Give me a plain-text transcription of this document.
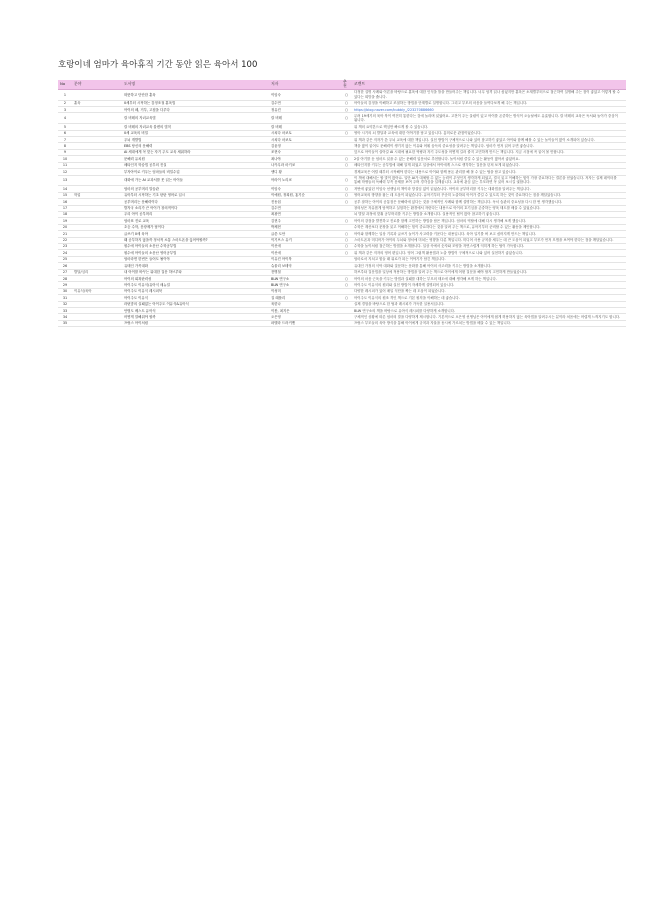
호랑이네 엄마가 육아휴직 기간 동안 읽은 육아서 100
No	분야	도서명	저자	추천	코멘트
1		따뜻하고 단단한 훈육	이임숙	○	다정한 설명 사례와 이론을 바탕으로 훈육에 대한 인식을 틀을 만들어주는 책입니다. 너무 엄격 읽나 싶었지만 훈육은 소재별부터으로 접근하여 설명해 주는 점이 좋았고 이렇게 할 수 있다는 희망을 줍니다.
2	훈육	0세부터 시작하는 감정조절 훈육법	김수연	○	아이들의 감정을 이해하고 조절하는 방법을 단계별로 설명합니다. 그리고 부모의 마음을 들여다보게 해 주는 책입니다.
3		아이의 떼, 거부, 고집을 다루다	정유진	○	https://blog.naver.com/bubbly_/223270886660
4		칼 비테의 자녀교육법	칼 비테	○	무려 19세기의 육아 북이 여전히 통한다는 것에 놀라며 읽었어요. 고전이 주는 울림이 있고 아이를 존중하는 방식이 오늘날에도 유효합니다. 칼 비테의 교육은 독서와 놀이가 중심이 됩니다.
5		칼 비테의 자녀교육 불변의 법칙	칼 비테		위 책의 요약본으로 핵심만 빠르게 볼 수 있습니다.
6		0세 교육의 비밀	시치다 마코토	○	영아 시기의 뇌 발달과 교육에 대한 이야기를 담고 있습니다. 흥미로운 관점이었습니다.
7		우뇌 개발법	시치다 마코토		위 책과 같은 저자가 쓴 우뇌 교육에 대한 책입니다. 실천 방법이 구체적으로 나와 있어 참고하기 좋았고 아이와 함께 해볼 수 있는 놀이들이 많이 소개되어 있습니다.
8		EBS 당신의 문해력	김윤정		책을 많이 읽어도 문해력이 생기지 않는 이유와 어휘 습득의 중요성을 알려주는 책입니다. 엄마가 먼저 읽어 두면 좋습니다.
9		AI 세대에게 꼭 맞는 자기 주도 교육 세워하라	조현숙		앞으로 아이들이 살아갈 AI 시대에 필요한 역량과 자기 주도성을 어떻게 길러 줄지 고민하게 만드는 책입니다. 지금 시점에 꼭 읽어 볼 만합니다.
10		문해력 유치원	최나야	○	2살 아기를 둔 엄마도 읽을 수 있는 문해력 입문서로 추천합니다. 놀이처럼 즐길 수 있는 활동이 많아서 좋았어요.
11		메타인지 학습법 공부의 진실	나카무라 마키코	○	메타인지를 키우는 공부법에 대해 알게 되었고 일상에서 아이에게 스스로 생각하는 질문을 던져 보게 되었습니다.
12		부자아이로 키우는 엄마들의 비밀수업	앤디 황		경제교육은 어릴 때부터 시작해야 한다는 내용으로 아이와 함께 용돈 관리를 해 볼 수 있는 팁을 담고 있습니다.
13		대화에 가는 AI 교과서를 못 읽는 아이들	아라이 노리코	○	이 책에 대해서는 할 말이 많아요. 일단 AI가 대체할 수 없는 능력이 무엇인지 생각하게 되었고, 결국 읽고 이해하는 힘이 가장 중요하다는 결론을 얻었습니다. 저자는 실제 데이터를 통해 학생들의 독해력 부족 문제를 보여 주며 경각심을 일깨웁니다. 교육에 관심 있는 부모라면 꼭 읽어 보시길 권합니다.
14		엄마의 공부머리 말습관	이임숙	○	저번에 좋았던 이임숙 선생님의 책이라 망설임 없이 읽었습니다. 아이의 공부머리를 키우는 대화법을 알려주는 책입니다.
15	학업	유아부터 시작하는 기초 탄탄 영어로 입시	이예원, 정희원, 홍기순	○	영어교육의 방향을 잡는 데 도움이 되었습니다. 유아기부터 꾸준히 노출하되 아이가 즐길 수 있도록 하는 것이 중요하다는 점을 깨달았습니다.
16		공부머리는 문해력이다	진동섭	○	공부 잘하는 아이의 공통점은 문해력에 있다는 것을 구체적인 사례와 함께 설명하는 책입니다. 독서 습관의 중요성을 다시 한 번 생각했습니다.
17		발자국 소리가 큰 아이가 창의적이다	김수연		창의성은 자유롭게 탐색하고 실험하는 환경에서 자란다는 내용으로 아이의 호기심을 존중하는 양육 태도를 배울 수 있었습니다.
18		우리 아이 공부머리	최광연		뇌 발달 과정에 맞춰 공부머리를 키우는 방법을 소개합니다. 실용적인 팁이 많아 참고하기 좋습니다.
19		엄마표 진로 교육	김현주	○	아이의 강점을 발견하고 진로를 함께 고민하는 방법을 담은 책입니다. 엄마의 역할에 대해 다시 생각해 보게 했습니다.
20		초등 수학, 문장제가 답이다	박제현		수학은 계산보다 문장을 읽고 이해하는 힘이 중요하다는 것을 알려 주는 책으로, 유아기부터 준비할 수 있는 활동을 제안합니다.
21		글쓰기 0세 육아	글쓴 도안	○	아이와 함께하는 일상 기록과 글쓰기 놀이가 사고력을 키운다는 내용입니다. 육아 일기를 써 보고 싶어지게 만드는 책입니다.
22		왜 공부하지 않을까 정서적 소통 스마트폰을 끊어야할까?	이기브스 유키	○	스마트폰과 미디어가 아이의 두뇌와 정서에 미치는 영향을 다룬 책입니다. 미디어 사용 규칙을 세우는 데 큰 도움이 되었고 부모가 먼저 모범을 보여야 한다는 점을 깨달았습니다.
23		원수에 아이들의 소문난 수학공부법	이신애	○	수학을 놀이처럼 접근하는 방법을 소개합니다. 일상 속에서 숫자와 모양을 자연스럽게 익히게 하는 팁이 가득합니다.
24		원수에 아이들의 소문난 영어공부법	이신애	○	위 책과 같은 저자의 영어 편입니다. 영어 그림책 활용법과 노출 방법이 구체적으로 나와 있어 실천하기 좋았습니다.
25		엄마라면 한번은 들어도 될이야	이유진 아이북		엄마로서 지치고 힘들 때 위로가 되는 이야기가 담긴 책입니다.
26		유태인 가족대화	슈물리 보테악		유대인 가정의 식탁 대화와 질문하는 문화를 통해 아이의 사고력을 키우는 방법을 소개합니다.
27	발달/심리	내 아이를 바꾸는 위대한 질문 하브루타	전병철		하브루타 질문법을 일상에 적용하는 방법을 알려 주는 책으로 아이에게 어떤 질문을 해야 할지 고민하게 만들었습니다.
28		아이의 회복탄력성	BLW 연구소	○	아이의 마음 근육을 키우는 방법과 실패를 대하는 부모의 태도에 대해 생각해 보게 하는 책입니다.
29		아이주도 이유식/유아식 매뉴얼	BLW 연구소	○	아이주도 이유식의 원리와 실천 방법이 자세하게 설명되어 있습니다.
30	이유식/육아	아이주도 이유식 레시피북	이성미		다양한 레시피가 있어 매일 식단을 짜는 데 도움이 되었습니다.
31		아이주도 이유식	질 래플리	○	아이주도 이유식의 원조 격인 책으로 기본 원칙을 이해하는 데 좋습니다.
32		라틴맘의 실패없는 아이주도 이유식&유아식	육한나		실제 경험을 바탕으로 한 팁과 레시피가 가득한 실용서입니다.
33		안범도 베스트 유아식	이봉, 최지은		BLW 연구소의 책을 바탕으로 유아식 레시피를 다양하게 소개합니다.
34		어떻게 말해줘야 할까	오은영		구체적인 상황에 따른 엄마의 말을 다양하게 제시합니다. 기본적으로 오은영 선생님은 아이에게 쉽게 허용하지 않는 육아법을 알려주시는 분이라 처음에는 어렵게 느껴지기도 합니다.
35		프랑스 아이처럼	파멜라 드러커맨		프랑스 부모들의 육아 방식을 통해 아이에게 규칙과 자율을 동시에 가르치는 방법을 배울 수 있는 책입니다.
